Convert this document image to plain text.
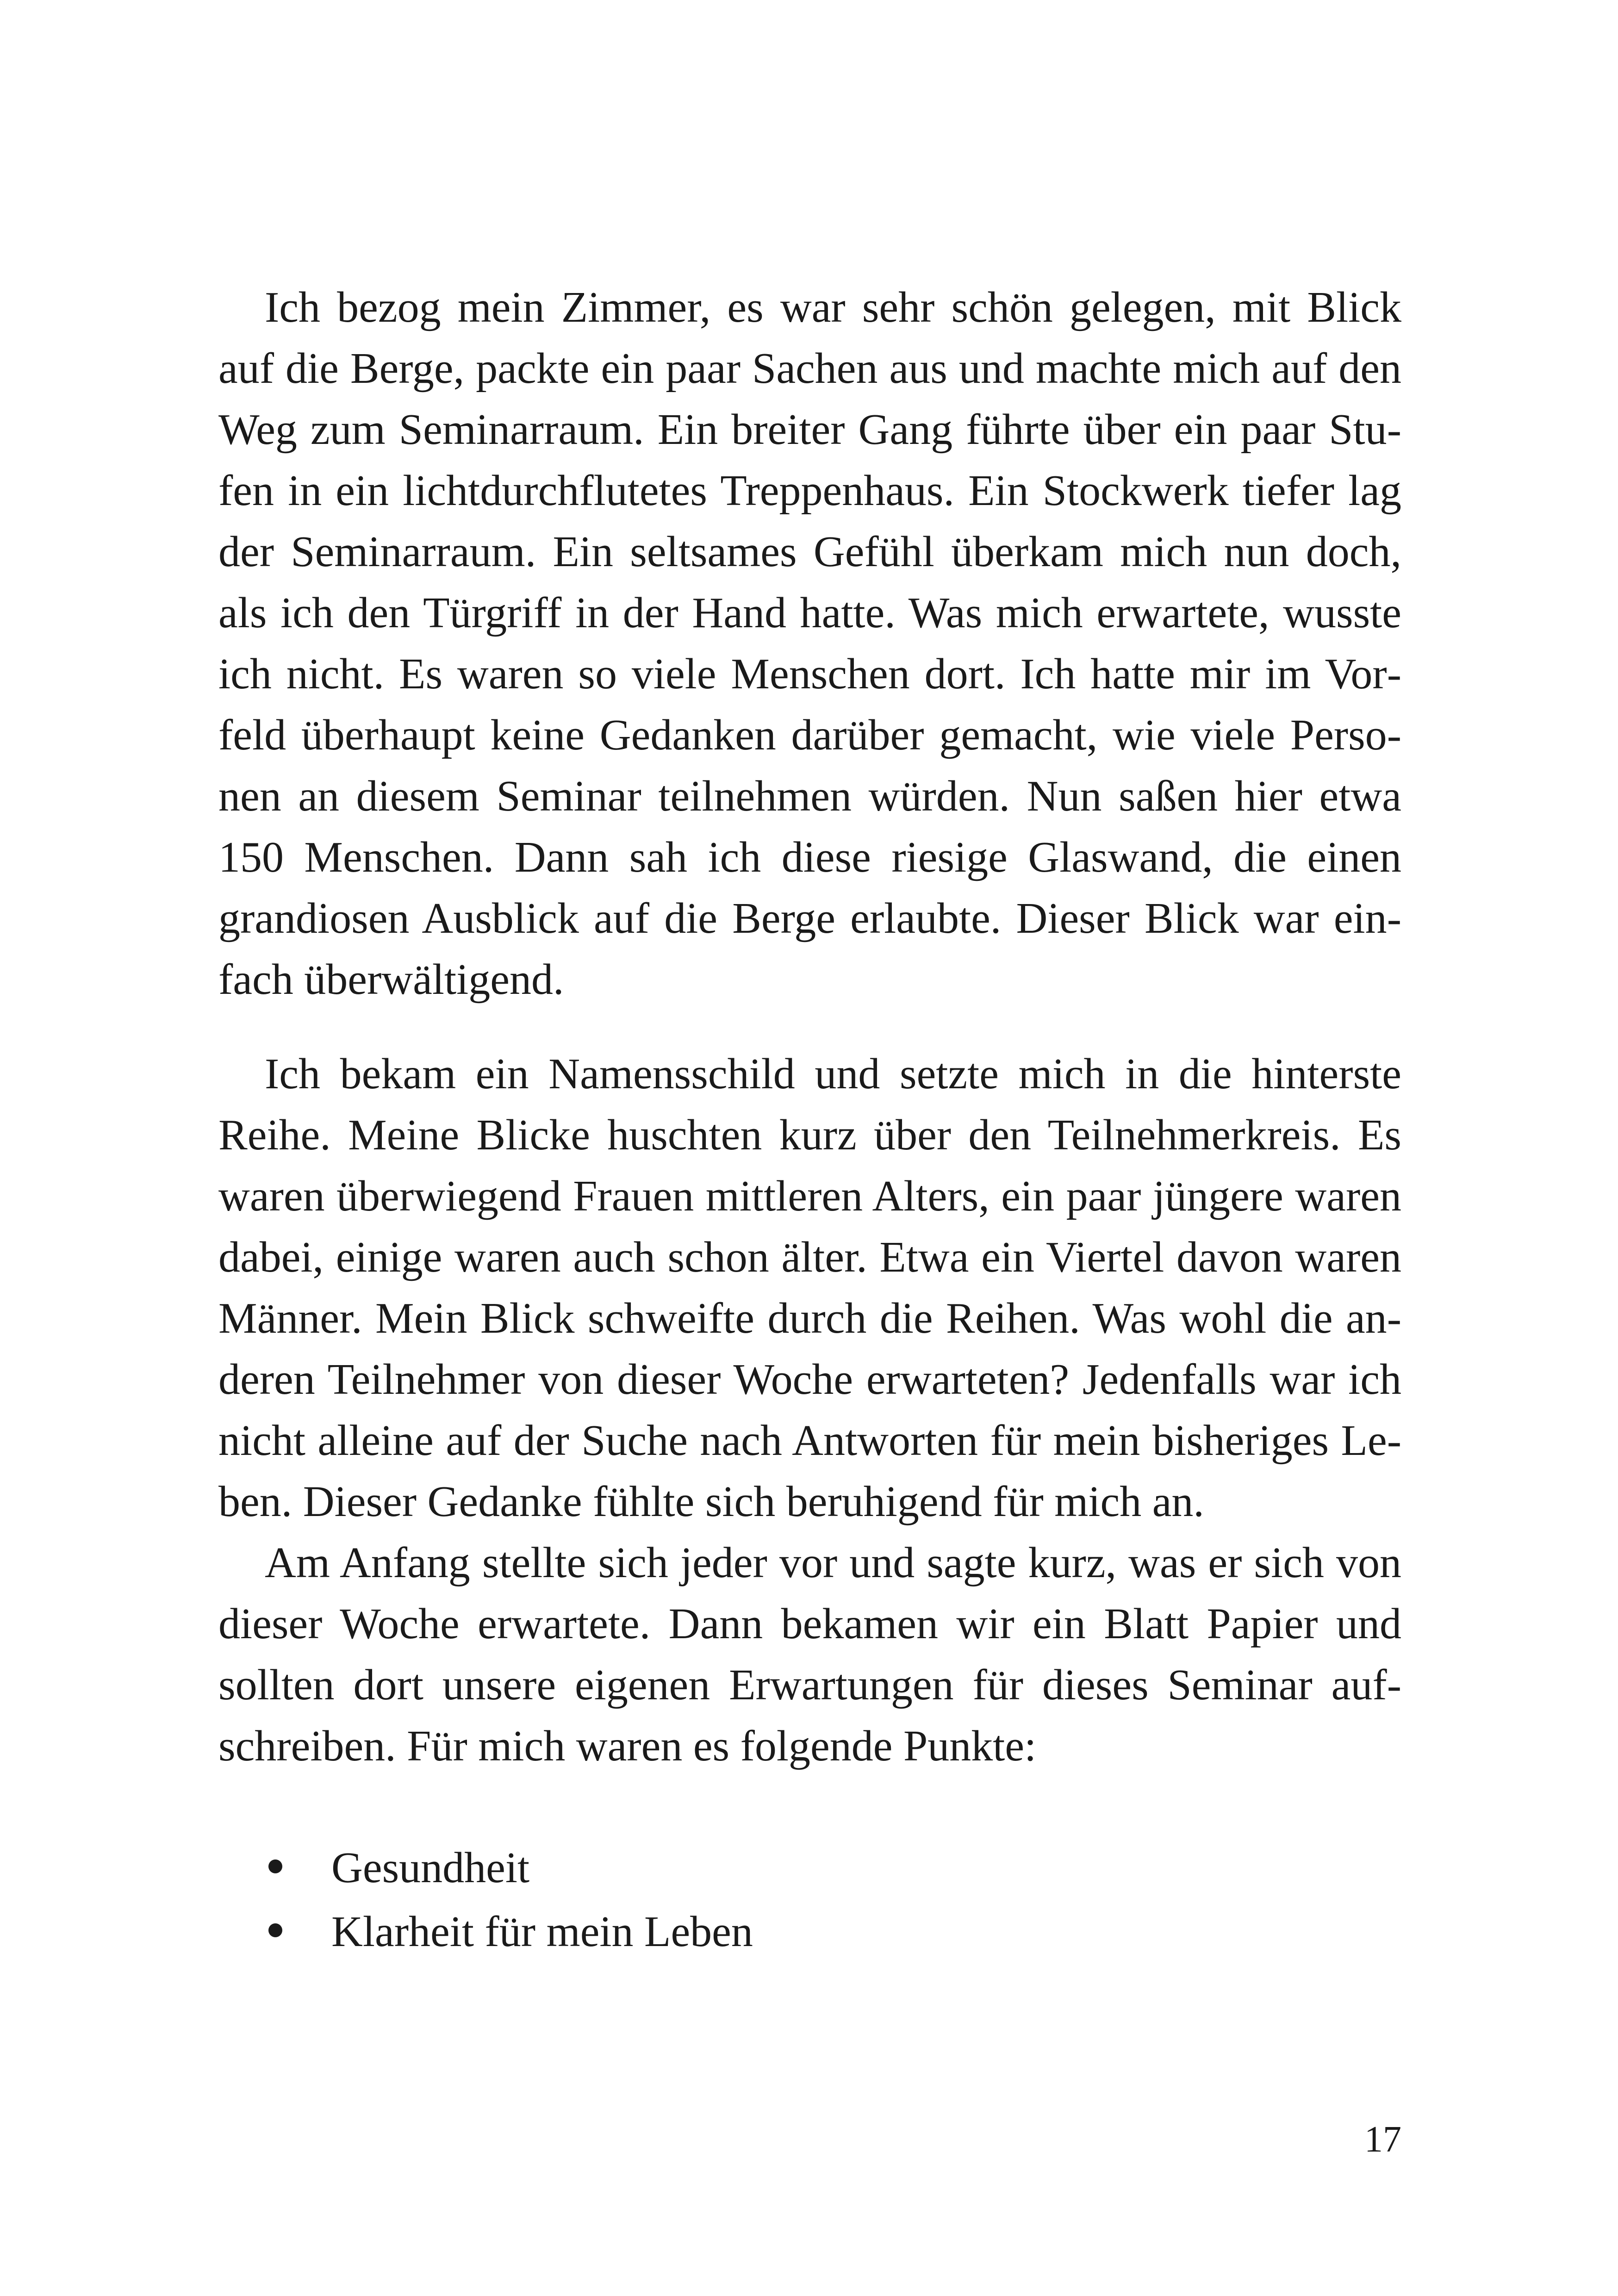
Ich bezog mein Zimmer, es war sehr schön gelegen, mit Blick auf die Berge, packte ein paar Sachen aus und machte mich auf den Weg zum Seminarraum. Ein breiter Gang führte über ein paar Stufen in ein lichtdurchflutetes Treppenhaus. Ein Stockwerk tiefer lag der Seminarraum. Ein seltsames Gefühl überkam mich nun doch, als ich den Türgriff in der Hand hatte. Was mich erwartete, wusste ich nicht. Es waren so viele Menschen dort. Ich hatte mir im Vorfeld überhaupt keine Gedanken darüber gemacht, wie viele Personen an diesem Seminar teilnehmen würden. Nun saßen hier etwa 150 Menschen. Dann sah ich diese riesige Glaswand, die einen grandiosen Ausblick auf die Berge erlaubte. Dieser Blick war einfach überwältigend.

Ich bekam ein Namensschild und setzte mich in die hinterste Reihe. Meine Blicke huschten kurz über den Teilnehmerkreis. Es waren überwiegend Frauen mittleren Alters, ein paar jüngere waren dabei, einige waren auch schon älter. Etwa ein Viertel davon waren Männer. Mein Blick schweifte durch die Reihen. Was wohl die anderen Teilnehmer von dieser Woche erwarteten? Jedenfalls war ich nicht alleine auf der Suche nach Antworten für mein bisheriges Leben. Dieser Gedanke fühlte sich beruhigend für mich an.

Am Anfang stellte sich jeder vor und sagte kurz, was er sich von dieser Woche erwartete. Dann bekamen wir ein Blatt Papier und sollten dort unsere eigenen Erwartungen für dieses Seminar aufschreiben. Für mich waren es folgende Punkte:

Gesundheit
Klarheit für mein Leben
17
